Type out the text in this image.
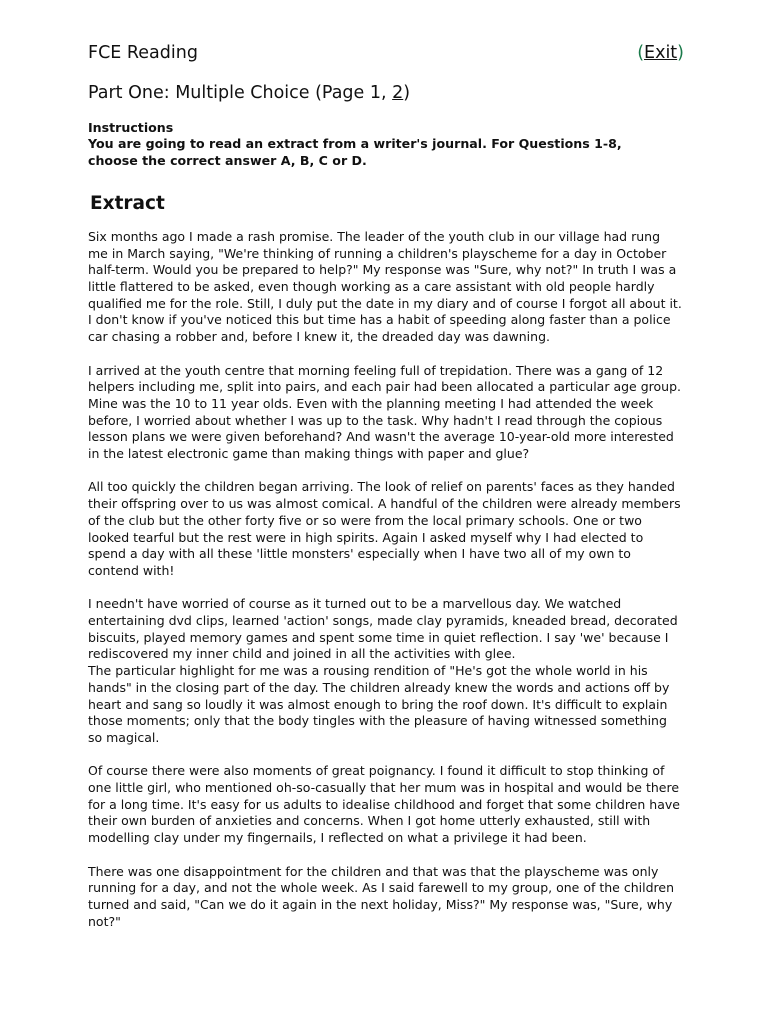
FCE Reading	(Exit)
Part One: Multiple Choice (Page 1, 2)
Instructions
You are going to read an extract from a writer's journal. For Questions 1-8, choose the correct answer A, B, C or D.
Extract

Six months ago I made a rash promise. The leader of the youth club in our village had rung me in March saying, "We're thinking of running a children's playscheme for a day in October half-term. Would you be prepared to help?" My response was "Sure, why not?" In truth I was a little flattered to be asked, even though working as a care assistant with old people hardly qualified me for the role. Still, I duly put the date in my diary and of course I forgot all about it. I don't know if you've noticed this but time has a habit of speeding along faster than a police car chasing a robber and, before I knew it, the dreaded day was dawning.

I arrived at the youth centre that morning feeling full of trepidation. There was a gang of 12 helpers including me, split into pairs, and each pair had been allocated a particular age group. Mine was the 10 to 11 year olds. Even with the planning meeting I had attended the week before, I worried about whether I was up to the task. Why hadn't I read through the copious lesson plans we were given beforehand? And wasn't the average 10-year-old more interested in the latest electronic game than making things with paper and glue?

All too quickly the children began arriving. The look of relief on parents' faces as they handed their offspring over to us was almost comical. A handful of the children were already members of the club but the other forty five or so were from the local primary schools. One or two looked tearful but the rest were in high spirits. Again I asked myself why I had elected to spend a day with all these 'little monsters' especially when I have two all of my own to contend with!

I needn't have worried of course as it turned out to be a marvellous day. We watched entertaining dvd clips, learned 'action' songs, made clay pyramids, kneaded bread, decorated biscuits, played memory games and spent some time in quiet reflection. I say 'we' because I rediscovered my inner child and joined in all the activities with glee.

The particular highlight for me was a rousing rendition of "He's got the whole world in his hands" in the closing part of the day. The children already knew the words and actions off by heart and sang so loudly it was almost enough to bring the roof down. It's difficult to explain those moments; only that the body tingles with the pleasure of having witnessed something so magical.

Of course there were also moments of great poignancy. I found it difficult to stop thinking of one little girl, who mentioned oh-so-casually that her mum was in hospital and would be there for a long time. It's easy for us adults to idealise childhood and forget that some children have their own burden of anxieties and concerns. When I got home utterly exhausted, still with modelling clay under my fingernails, I reflected on what a privilege it had been.

There was one disappointment for the children and that was that the playscheme was only running for a day, and not the whole week. As I said farewell to my group, one of the children turned and said, "Can we do it again in the next holiday, Miss?" My response was, "Sure, why not?"
